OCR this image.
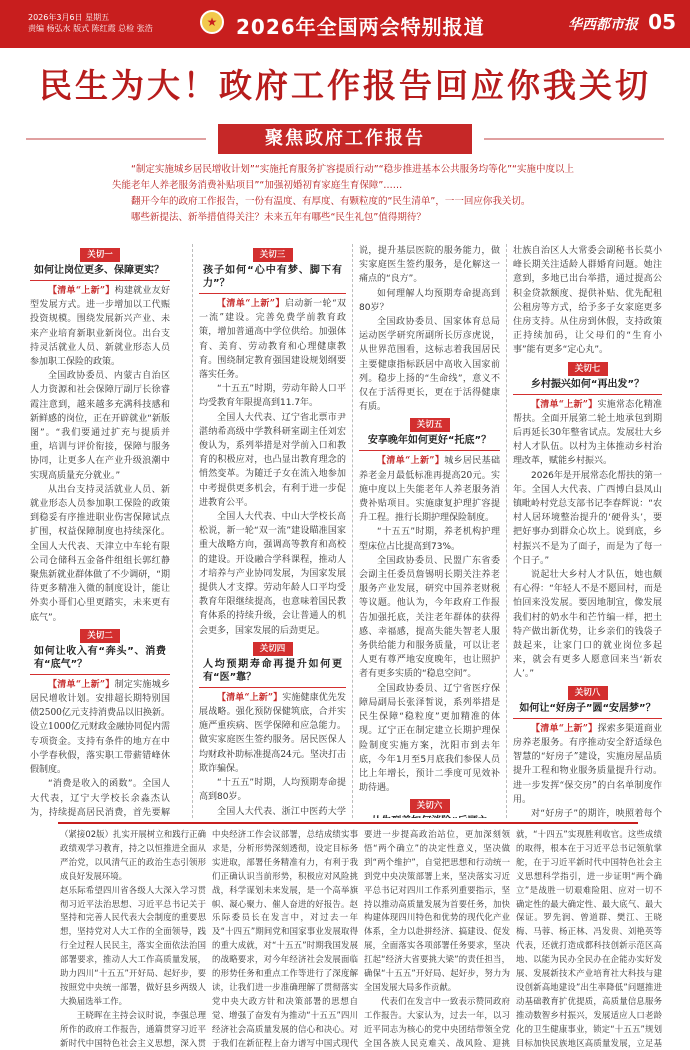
2026年3月6日 星期五
责编 杨弘水 版式 陈红霞 总检 张浩	★ 2026年全国两会特别报道	华西都市报 05
民生为大！政府工作报告回应你我关切
聚焦政府工作报告

“制定实施城乡居民增收计划”“实施托育服务扩容提质行动”“稳步推进基本公共服务均等化”“实施中度以上失能老年人养老服务消费补贴项目”“加强初婚初育家庭生育保障”……

翻开今年的政府工作报告，一份有温度、有厚度、有颗粒度的“民生清单”，一一回应你我关切。

哪些新提法、新举措值得关注？未来五年有哪些“民生礼包”值得期待？

关切一
如何让岗位更多、保障更实？
【清单“上新”】构建就业友好型发展方式。进一步增加以工代赈投资规模。围绕发展新兴产业、未来产业培育新职业新岗位。出台支持灵活就业人员、新就业形态人员参加职工保险的政策。

全国政协委员、内蒙古自治区人力资源和社会保障厅副厅长徐睿霞注意到，越来越多充满科技感和新鲜感的岗位，正在开辟就业“新版图”。“我们要通过扩充与提质并重，培训与评价衔接，保障与服务协同，让更多人在产业升级浪潮中实现高质量充分就业。”

从出台支持灵活就业人员、新就业形态人员参加职工保险的政策到稳妥有序推进职业伤害保障试点扩围，权益保障制度也持续深化。全国人大代表、天津立中车轮有限公司仓储科五金备件组组长郭红静聚焦新就业群体做了不少调研，“期待更多精准入微的制度设计，能让外卖小哥们心里更踏实，未来更有底气”。

关切二
如何让收入有“奔头”、消费有“底气”？
【清单“上新”】制定实施城乡居民增收计划。安排超长期特别国债2500亿元支持消费品以旧换新。设立1000亿元财政金融协同促内需专项资金。支持有条件的地方在中小学春秋假，落实职工带薪错峰休假制度。

“消费是收入的函数”。全国人大代表，辽宁大学校长余淼杰认为，持续提高居民消费，首先要解

关切三
孩子如何“心中有梦、脚下有力”？
【清单“上新”】启动新一轮“双一流”建设。完善免费学前教育政策，增加普通高中学位供给。加强体育、美育、劳动教育和心理健康教育。围绕制定教育强国建设规划纲要落实任务。

“十五五”时期，劳动年龄人口平均受教育年限提高到11.7年。

全国人大代表、辽宁省北票市尹湛纳希高级中学教科研室副主任刘宏俊认为，系列举措是对学前入口和教育的积极应对，也凸显出教育理念的悄然变革。为随迁子女在流入地参加中考提供更多机会，有利于进一步促进教育公平。

全国人大代表、中山大学校长高松说，新一轮“双一流”建设瞄准国家重大战略方向，强调高等教育和高校的建设。开设融合学科课程，推动人才培养与产业协同发展，为国家发展提供人才支撑。劳动年龄人口平均受教育年限继续提高，也意味着国民教育体系的持续升级，会让普通人的机会更多，国家发展的后劲更足。

关切四
人均预期寿命再提升如何更有“医”靠？
【清单“上新”】实施健康优先发展战略。强化预防保健筑底，合并实施严重疾病、医学保障和应急能力。做实家庭医生签约服务。居民医保人均财政补助标准提高24元。坚决打击欺诈骗保。

“十五五”时期，人均预期寿命提高到80岁。

全国人大代表、浙江中医药大学

说，提升基层医院的服务能力，做实家庭医生签约服务，是化解这一痛点的“良方”。

如何理解人均预期寿命提高到80岁？

全国政协委员、国家体育总局运动医学研究所副所长厉彦虎说，从世界范围看，这标志着我国居民主要健康指标跃居中高收入国家前列。稳步上扬的“生命线”，意义不仅在于活得更长，更在于活得健康有质。

关切五
安享晚年如何更好“托底”？
【清单“上新”】城乡居民基础养老金月最低标准再提高20元。实施中度以上失能老年人养老服务消费补贴项目。实施康复护理扩容提升工程。推行长期护理保险制度。

“十五五”时期，养老机构护理型床位占比提高到73%。

全国政协委员、民盟广东省委会副主任委员詹锡明长期关注养老服务产业发展，研究中国养老财税等议题。他认为，今年政府工作报告加强托底，关注老年群体的获得感、幸福感，提高失能失智老人服务供给能力和服务质量，可以让老人更有尊严地安度晚年，也让照护者有更多实质的“稳息空间”。

全国政协委员、辽宁省医疗保障局副局长张泽皙说，系列举措是民生保障“稳粒度”更加精准的体现。辽宁正在制定建立长期护理保险制度实施方案，沈阳市到去年底，今年1月至5月底我们参保人员比上年增长，预计二季度可见效补助待遇。

关切六

壮族自治区人大常委会副秘书长莫小峰长期关注适龄人群婚育问题。她注意到，多地已出台举措，通过提高公积金贷款额度、提供补贴、优先配租公租房等方式，给予多子女家庭更多住房支持。从住房到休假，支持政策正持续加码，让父母们的“生育小事”能有更多“定心丸”。

关切七
乡村振兴如何“再出发”？
【清单“上新”】实施常态化精准帮扶。全面开展第二轮土地承包到期后再延长30年整省试点。发展壮大乡村人才队伍。以村为主体推动乡村治理改革，赋能乡村振兴。

2026年是开展常态化帮扶的第一年。全国人大代表、广西博白县凤山镇毗岭村党总支部书记李春辉说：“农村人居环境整治提升的‘硬骨头’，要把好事办到群众心坎上。说到底，乡村振兴不是为了面子，而是为了每一个日子。”

说起壮大乡村人才队伍，她也颇有心得：“年轻人不是不愿回村，而是怕回来没发展。要因地制宜，像发展我们村的奶水牛和芒竹编一样，把土特产做出新优势，让乡亲们的钱袋子鼓起来，让家门口的就业岗位多起来，就会有更多人愿意回来当‘新农人’。”

关切八
如何让“好房子”圆“安居梦”？
【清单“上新”】探索多渠道商业房养老服务。有序推动安全舒适绿色智慧的“好房子”建设，实施房屋品质提升工程和物业服务质量提升行动。进一步发挥“保交房”的白名单制度作用。

对“好房子”的期许，映照着每个

（紧接02版）扎实开展树立和践行正确政绩观学习教育，持之以恒推进全面从严治党，以风清气正的政治生态引领形成良好发展环境。
赵乐际希望四川省各级人大深入学习贯彻习近平法治思想、习近平总书记关于坚持和完善人民代表大会制度的重要思想，坚持党对人大工作的全面领导，践行全过程人民民主，落实全面依法治国部署要求，推动人大工作高质量发展，助力四川“十五五”开好局、起好步，要按照党中央统一部署，做好县乡两级人大换届选举工作。

王晓晖在主持会议时说，李强总理所作的政府工作报告，通篇贯穿习近平新时代中国特色社会主义思想，深入贯

中央经济工作会议部署，总结成绩实事求是，分析形势深刻透彻，设定目标务实进取，部署任务精准有力，有利于我们正确认识当前形势，积极应对风险挑战，科学谋划未来发展，是一个高举旗帜、凝心聚力、催人奋进的好报告。赵乐际委员长在发言中，对过去一年及“十四五”期间党和国家事业发展取得的重大成就，对“十五五”时期我国发展的战略要求，对今年经济社会发展面临的形势任务和重点工作等进行了深度解读，让我们进一步准确理解了贯彻落实党中央大政方针和决策部署的思想自觉、增强了奋发有为推动“十五五”四川经济社会高质量发展的信心和决心。对于我们在新征程上奋力谱写中国式现代

要进一步提高政治站位，更加深刻领悟“两个确立”的决定性意义，坚决做到“两个维护”，自觉把思想和行动统一到党中央决策部署上来，坚决落实习近平总书记对四川工作系列重要指示，坚持以推动高质量发展为首要任务，加快构建体现四川特色和优势的现代化产业体系，全力以赴拼经济、搞建设、促发展，全面落实各项部署任务要求，坚决扛起“经济大省要挑大梁”的责任担当，确保“十五五”开好局、起好步，努力为全国发展大局多作贡献。

代表们在发言中一致表示赞同政府工作报告。大家认为，过去一年，以习近平同志为核心的党中央团结带领全党全国各族人民克难关、战风险、迎挑

就，“十四五”实现胜利收官。这些成绩的取得，根本在于习近平总书记领航掌舵，在于习近平新时代中国特色社会主义思想科学指引，进一步证明“两个确立”是战胜一切艰难险阻、应对一切不确定性的最大确定性、最大底气、最大保证。罗先润、曾道群、樊江、王晓梅、马蓉、杨正林、冯发贵、刘艳英等代表，还就打造成都科技创新示范区高地、以能为民办全民办在企能办实好发展、发展新技术产业培育社大科技与建设创新高地建设”出生率降低”问题推进动基础教育扩优提质，高质量信息服务推动数智乡村振兴，发展适应人口老龄化的卫生健康事业，锁定“十五五”规划目标加快民族地区高质量发展，立足基
